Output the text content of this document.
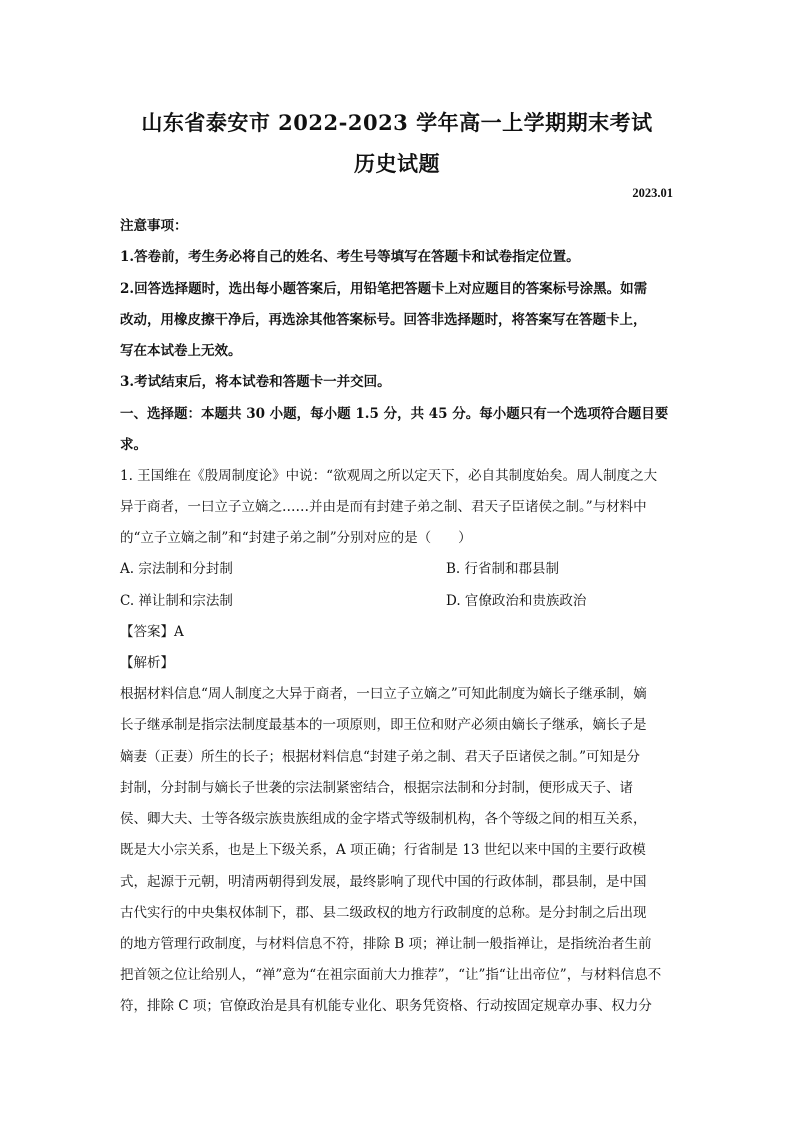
山东省泰安市 2022-2023 学年高一上学期期末考试
历史试题
2023.01
注意事项：
1.答卷前，考生务必将自己的姓名、考生号等填写在答题卡和试卷指定位置。
2.回答选择题时，选出每小题答案后，用铅笔把答题卡上对应题目的答案标号涂黑。如需
改动，用橡皮擦干净后，再选涂其他答案标号。回答非选择题时，将答案写在答题卡上，
写在本试卷上无效。
3.考试结束后，将本试卷和答题卡一并交回。
一、选择题：本题共 30 小题，每小题 1.5 分，共 45 分。每小题只有一个选项符合题目要
求。
1. 王国维在《殷周制度论》中说：“欲观周之所以定天下，必自其制度始矣。周人制度之大
异于商者，一曰立子立嫡之……并由是而有封建子弟之制、君天子臣诸侯之制。”与材料中
的“立子立嫡之制”和“封建子弟之制”分别对应的是（　　）
A. 宗法制和分封制	B. 行省制和郡县制
C. 禅让制和宗法制	D. 官僚政治和贵族政治
【答案】A
【解析】
根据材料信息“周人制度之大异于商者，一曰立子立嫡之”可知此制度为嫡长子继承制，嫡
长子继承制是指宗法制度最基本的一项原则，即王位和财产必须由嫡长子继承，嫡长子是
嫡妻（正妻）所生的长子；根据材料信息“封建子弟之制、君天子臣诸侯之制。”可知是分
封制，分封制与嫡长子世袭的宗法制紧密结合，根据宗法制和分封制，便形成天子、诸
侯、卿大夫、士等各级宗族贵族组成的金字塔式等级制机构，各个等级之间的相互关系，
既是大小宗关系，也是上下级关系，A 项正确；行省制是 13 世纪以来中国的主要行政模
式，起源于元朝，明清两朝得到发展，最终影响了现代中国的行政体制，郡县制，是中国
古代实行的中央集权体制下，郡、县二级政权的地方行政制度的总称。是分封制之后出现
的地方管理行政制度，与材料信息不符，排除 B 项；禅让制一般指禅让，是指统治者生前
把首领之位让给别人，“禅”意为“在祖宗面前大力推荐”，“让”指“让出帝位”，与材料信息不
符，排除 C 项；官僚政治是具有机能专业化、职务凭资格、行动按固定规章办事、权力分
